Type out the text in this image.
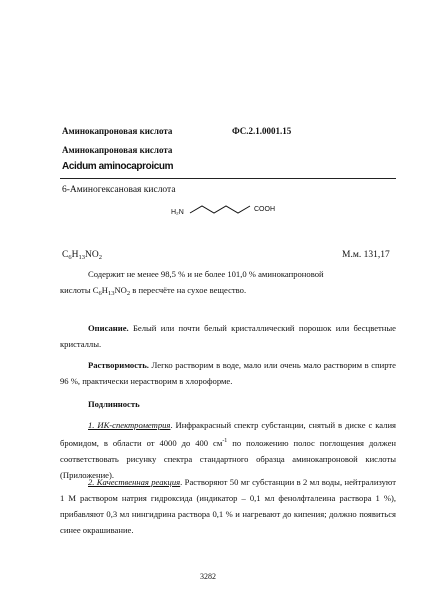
Аминокапроновая кислота	ФС.2.1.0001.15
Аминокапроновая кислота
Acidum aminocaproicum
6-Аминогексановая кислота
H₂N	COOH
$C_6H_{13}NO_2$	М.м. 131,17

Содержит не менее 98,5 % и не более 101,0 % аминокапроновой
кислоты $C_6H_{13}NO_2$ в пересчёте на сухое вещество.

Описание. Белый или почти белый кристаллический порошок или бесцветные кристаллы.

Растворимость. Легко растворим в воде, мало или очень мало растворим в спирте 96 %, практически нерастворим в хлороформе.

Подлинность

1. ИК-спектрометрия. Инфракрасный спектр субстанции, снятый в диске с калия бромидом, в области от 4000 до 400 $см^{-1}$ по положению полос поглощения должен соответствовать рисунку спектра стандартного образца аминокапроновой кислоты (Приложение).

2. Качественная реакция. Растворяют 50 мг субстанции в 2 мл воды, нейтрализуют 1 М раствором натрия гидроксида (индикатор – 0,1 мл фенолфталеина раствора 1 %), прибавляют 0,3 мл нингидрина раствора 0,1 % и нагревают до кипения; должно появиться синее окрашивание.

3282
